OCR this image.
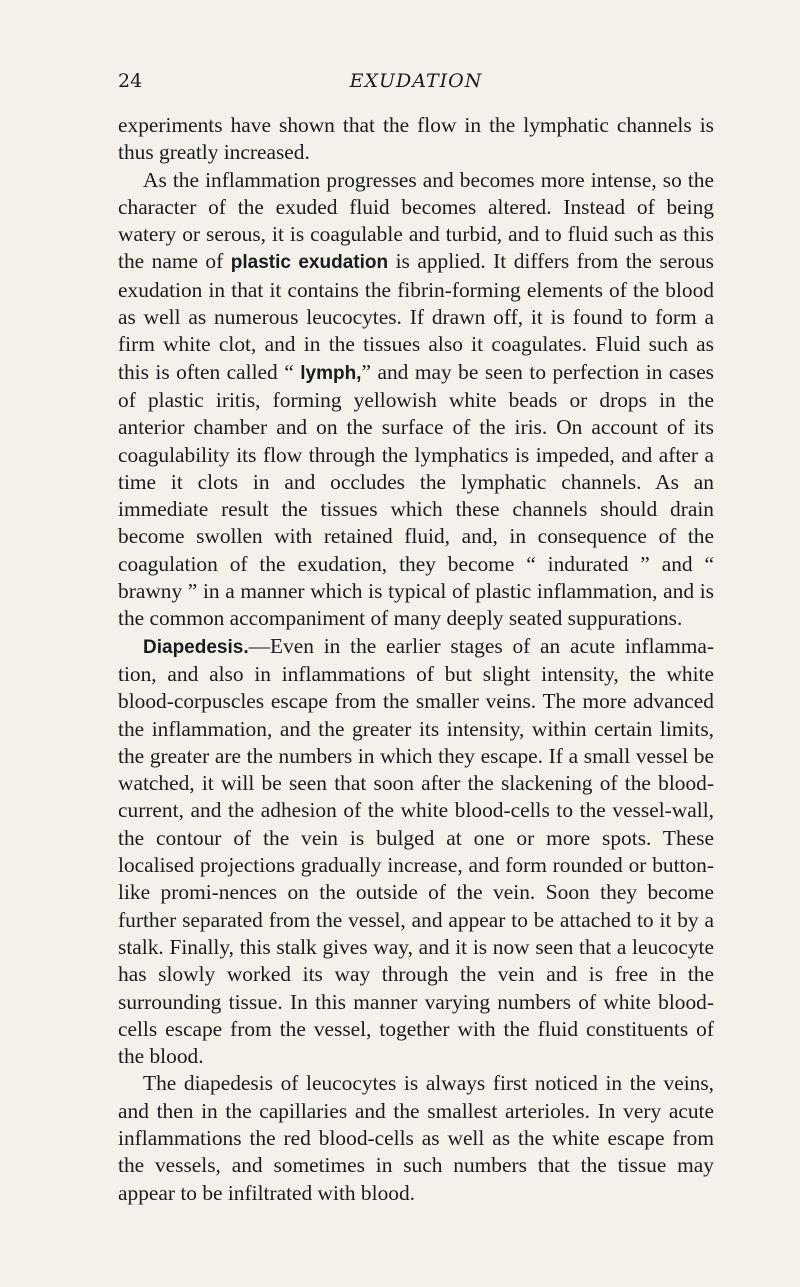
24	EXUDATION

experiments have shown that the flow in the lymphatic channels is thus greatly increased.

As the inflammation progresses and becomes more intense, so the character of the exuded fluid becomes altered. Instead of being watery or serous, it is coagulable and turbid, and to fluid such as this the name of plastic exudation is applied. It differs from the serous exudation in that it contains the fibrin-forming elements of the blood as well as numerous leucocytes. If drawn off, it is found to form a firm white clot, and in the tissues also it coagulates. Fluid such as this is often called “ lymph,” and may be seen to perfection in cases of plastic iritis, forming yellowish white beads or drops in the anterior chamber and on the surface of the iris. On account of its coagulability its flow through the lymphatics is impeded, and after a time it clots in and occludes the lymphatic channels. As an immediate result the tissues which these channels should drain become swollen with retained fluid, and, in consequence of the coagulation of the exudation, they become “ indurated ” and “ brawny ” in a manner which is typical of plastic inflammation, and is the common accompaniment of many deeply seated suppurations.

Diapedesis.—Even in the earlier stages of an acute inflamma-tion, and also in inflammations of but slight intensity, the white blood-corpuscles escape from the smaller veins. The more advanced the inflammation, and the greater its intensity, within certain limits, the greater are the numbers in which they escape. If a small vessel be watched, it will be seen that soon after the slackening of the blood-current, and the adhesion of the white blood-cells to the vessel-wall, the contour of the vein is bulged at one or more spots. These localised projections gradually increase, and form rounded or button-like promi-nences on the outside of the vein. Soon they become further separated from the vessel, and appear to be attached to it by a stalk. Finally, this stalk gives way, and it is now seen that a leucocyte has slowly worked its way through the vein and is free in the surrounding tissue. In this manner varying numbers of white blood-cells escape from the vessel, together with the fluid constituents of the blood.

The diapedesis of leucocytes is always first noticed in the veins, and then in the capillaries and the smallest arterioles. In very acute inflammations the red blood-cells as well as the white escape from the vessels, and sometimes in such numbers that the tissue may appear to be infiltrated with blood.
